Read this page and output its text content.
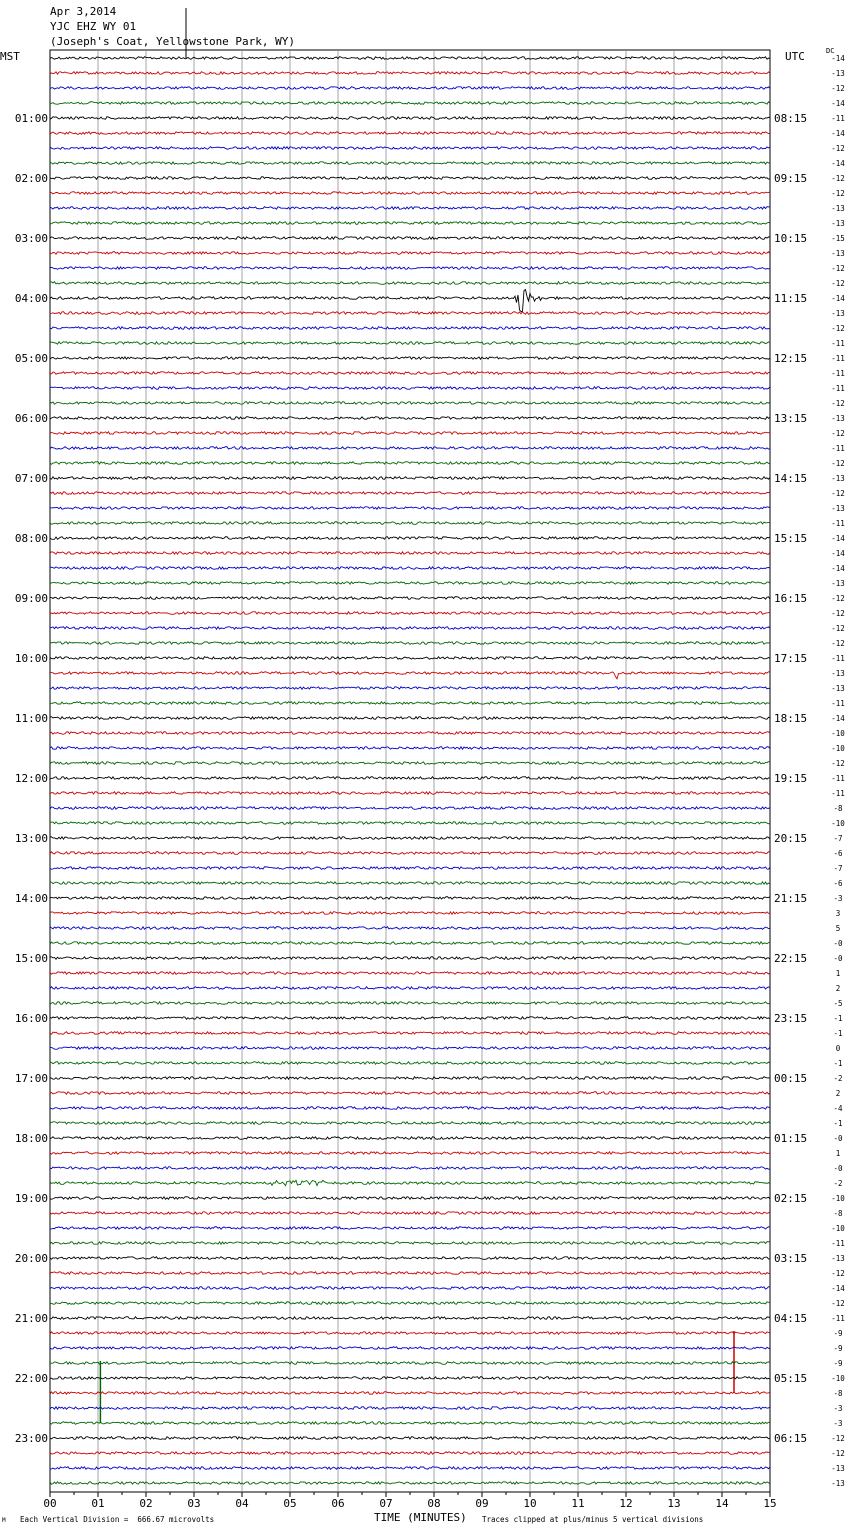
Apr 3,2014
YJC EHZ WY 01
(Joseph's Coat, Yellowstone Park, WY)
MST	UTC	DC
TIME (MINUTES)
Each Vertical Division =  666.67 microvolts	Traces clipped at plus/minus 5 vertical divisions
M
-14
-13
-12
-14
-11
01:00	08:15
-14
-12
-14
-12
02:00	09:15
-12
-13
-13
-15
03:00	10:15
-13
-12
-12
-14
04:00	11:15
-13
-12
-11
-11
05:00	12:15
-11
-11
-12
-13
06:00	13:15
-12
-11
-12
-13
07:00	14:15
-12
-13
-11
-14
08:00	15:15
-14
-14
-13
-12
09:00	16:15
-12
-12
-12
-11
10:00	17:15
-13
-13
-11
-14
11:00	18:15
-10
-10
-12
-11
12:00	19:15
-11
-8
-10
-7
13:00	20:15
-6
-7
-6
-3
14:00	21:15
3
5
-0
-0
15:00	22:15
1
2
-5
-1
16:00	23:15
-1
0
-1
-2
17:00	00:15
2
-4
-1
-0
18:00	01:15
1
-0
-2
-10
19:00	02:15
-8
-10
-11
-13
20:00	03:15
-12
-14
-12
-11
21:00	04:15
-9
-9
-9
-10
22:00	05:15
-8
-3
-3
-12
23:00	06:15
-12
-13
-13
00	01	02	03	04	05	06	07	08	09	10	11	12	13	14	15
